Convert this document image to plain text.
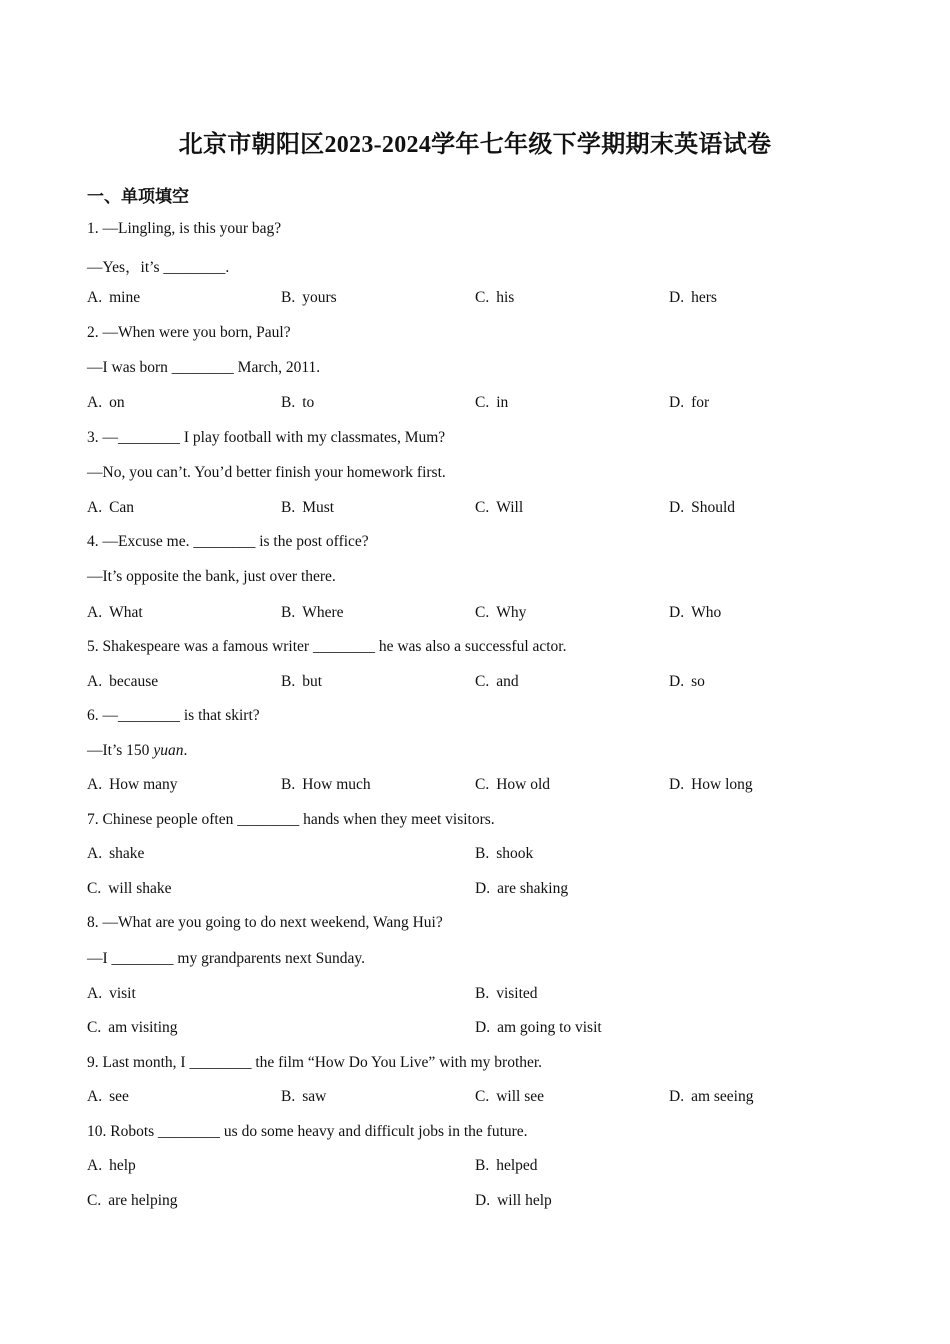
北京市朝阳区2023-2024学年七年级下学期期末英语试卷
一、单项填空
1. —Lingling, is this your bag?
—Yes，it’s ________.
A. mine	B. yours	C. his	D. hers
2. —When were you born, Paul?
—I was born ________ March, 2011.
A. on	B. to	C. in	D. for
3. —________ I play football with my classmates, Mum?
—No, you can’t. You’d better finish your homework first.
A. Can	B. Must	C. Will	D. Should
4. —Excuse me. ________ is the post office?
—It’s opposite the bank, just over there.
A. What	B. Where	C. Why	D. Who
5. Shakespeare was a famous writer ________ he was also a successful actor.
A. because	B. but	C. and	D. so
6. —________ is that skirt?
—It’s 150 yuan.
A. How many	B. How much	C. How old	D. How long
7. Chinese people often ________ hands when they meet visitors.
A. shake	B. shook
C. will shake	D. are shaking
8. —What are you going to do next weekend, Wang Hui?
—I ________ my grandparents next Sunday.
A. visit	B. visited
C. am visiting	D. am going to visit
9. Last month, I ________ the film “How Do You Live” with my brother.
A. see	B. saw	C. will see	D. am seeing
10. Robots ________ us do some heavy and difficult jobs in the future.
A. help	B. helped
C. are helping	D. will help
